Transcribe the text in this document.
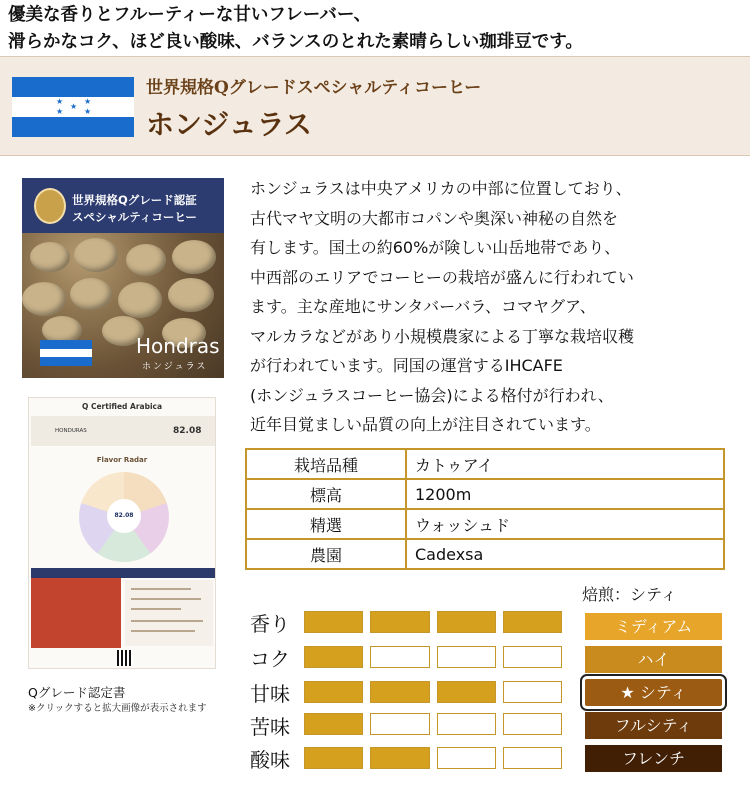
優美な香りとフルーティーな甘いフレーバー、
滑らかなコク、ほど良い酸味、バランスのとれた素晴らしい珈琲豆です。
★	★
★
★	★
世界規格Qグレードスペシャルティコーヒー
ホンジュラス
世界規格Qグレード認証
スペシャルティコーヒー
Hondras
ホンジュラス
Q Certified Arabica
HONDURAS	82.08
Flavor Radar
82.08
Qグレード認定書
※クリックすると拡大画像が表示されます
ホンジュラスは中央アメリカの中部に位置しており、
古代マヤ文明の大都市コパンや奥深い神秘の自然を
有します。国土の約60%が険しい山岳地帯であり、
中西部のエリアでコーヒーの栽培が盛んに行われてい
ます。主な産地にサンタバーバラ、コマヤグア、
マルカラなどがあり小規模農家による丁寧な栽培収穫
が行われています。同国の運営するIHCAFE
(ホンジュラスコーヒー協会)による格付が行われ、
近年目覚ましい品質の向上が注目されています。
栽培品種	カトゥアイ
標高	1200m
精選	ウォッシュド
農園	Cadexsa
香り
コク
甘味
苦味
酸味
焙煎：シティ
ミディアム
ハイ
★ シティ
フルシティ
フレンチ
